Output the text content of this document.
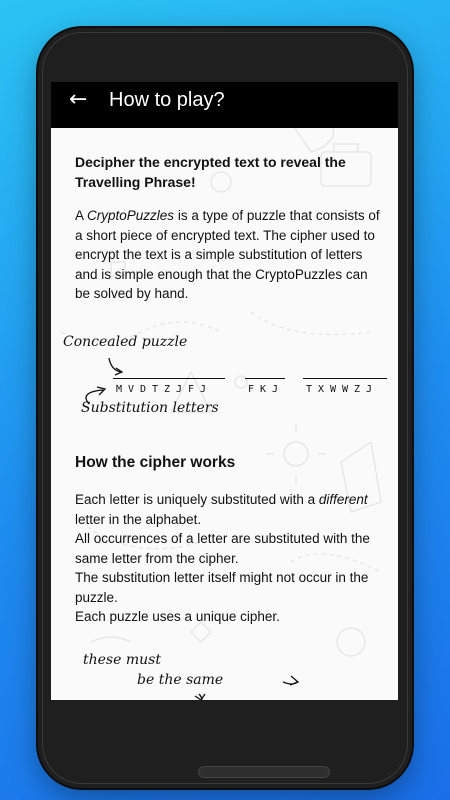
← How to play?

Decipher the encrypted text to reveal the Travelling Phrase!

A CryptoPuzzles is a type of puzzle that consists of a short piece of encrypted text. The cipher used to encrypt the text is a simple substitution of letters and is simple enough that the CryptoPuzzles can be solved by hand.

Concealed puzzle
M V D T Z J F J	F K J	T X W W Z J
Substitution letters
How the cipher works

Each letter is uniquely substituted with a different letter in the alphabet.

All occurrences of a letter are substituted with the same letter from the cipher.

The substitution letter itself might not occur in the puzzle.

Each puzzle uses a unique cipher.

these must
be the same
